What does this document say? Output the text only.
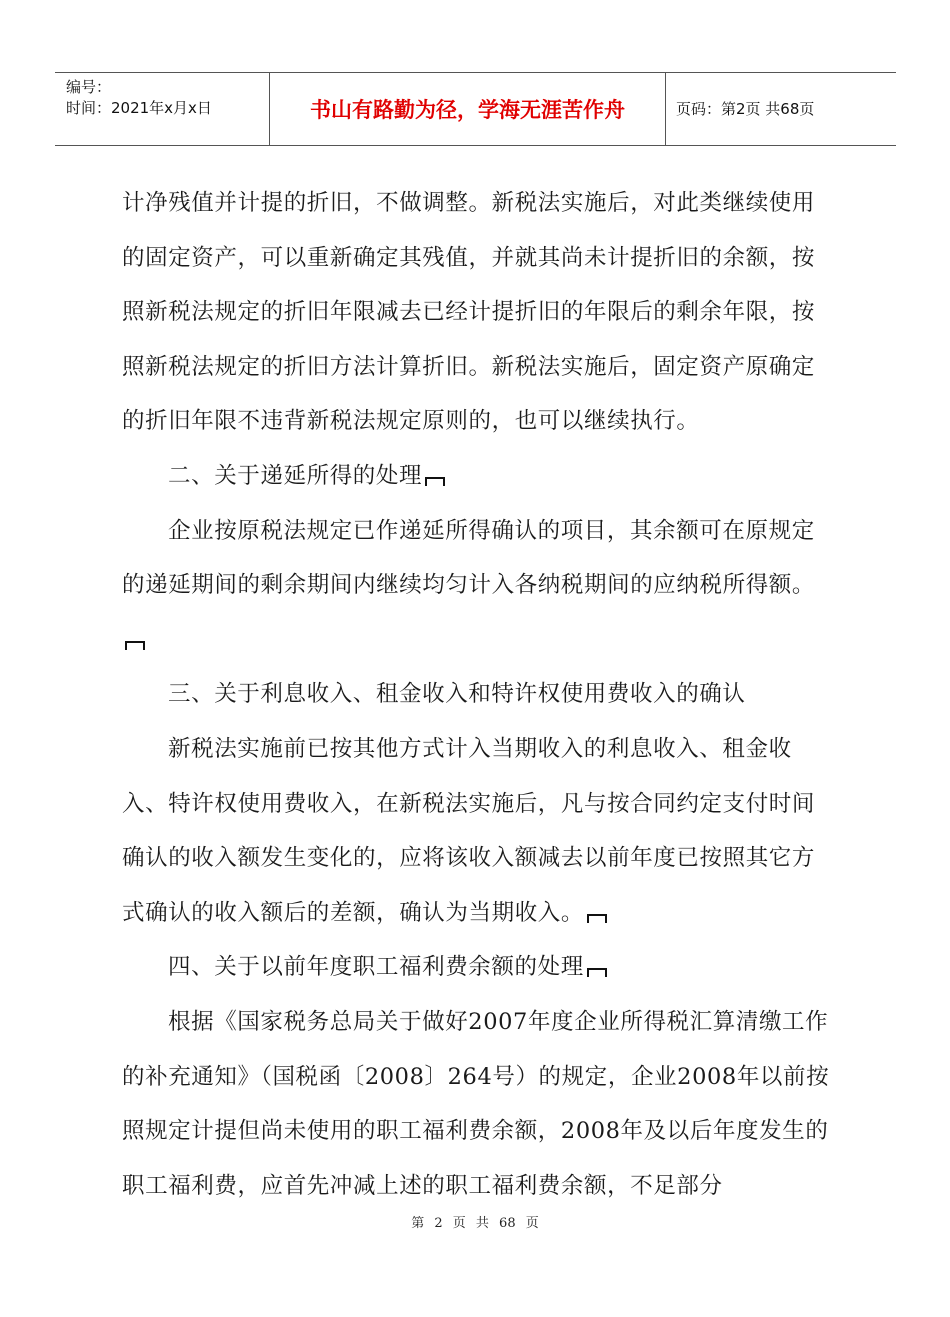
编号：
时间：2021年x月x日	书山有路勤为径，学海无涯苦作舟	页码：第2页 共68页

计净残值并计提的折旧，不做调整。新税法实施后，对此类继续使用的固定资产，可以重新确定其残值，并就其尚未计提折旧的余额，按照新税法规定的折旧年限减去已经计提折旧的年限后的剩余年限，按照新税法规定的折旧方法计算折旧。新税法实施后，固定资产原确定的折旧年限不违背新税法规定原则的，也可以继续执行。

二、关于递延所得的处理

企业按原税法规定已作递延所得确认的项目，其余额可在原规定的递延期间的剩余期间内继续均匀计入各纳税期间的应纳税所得额。

三、关于利息收入、租金收入和特许权使用费收入的确认

新税法实施前已按其他方式计入当期收入的利息收入、租金收入、特许权使用费收入，在新税法实施后，凡与按合同约定支付时间确认的收入额发生变化的，应将该收入额减去以前年度已按照其它方式确认的收入额后的差额，确认为当期收入。

四、关于以前年度职工福利费余额的处理

根据《国家税务总局关于做好2007年度企业所得税汇算清缴工作的补充通知》（国税函〔2008〕264号）的规定，企业2008年以前按照规定计提但尚未使用的职工福利费余额，2008年及以后年度发生的职工福利费，应首先冲减上述的职工福利费余额，不足部分

第 2 页 共 68 页
